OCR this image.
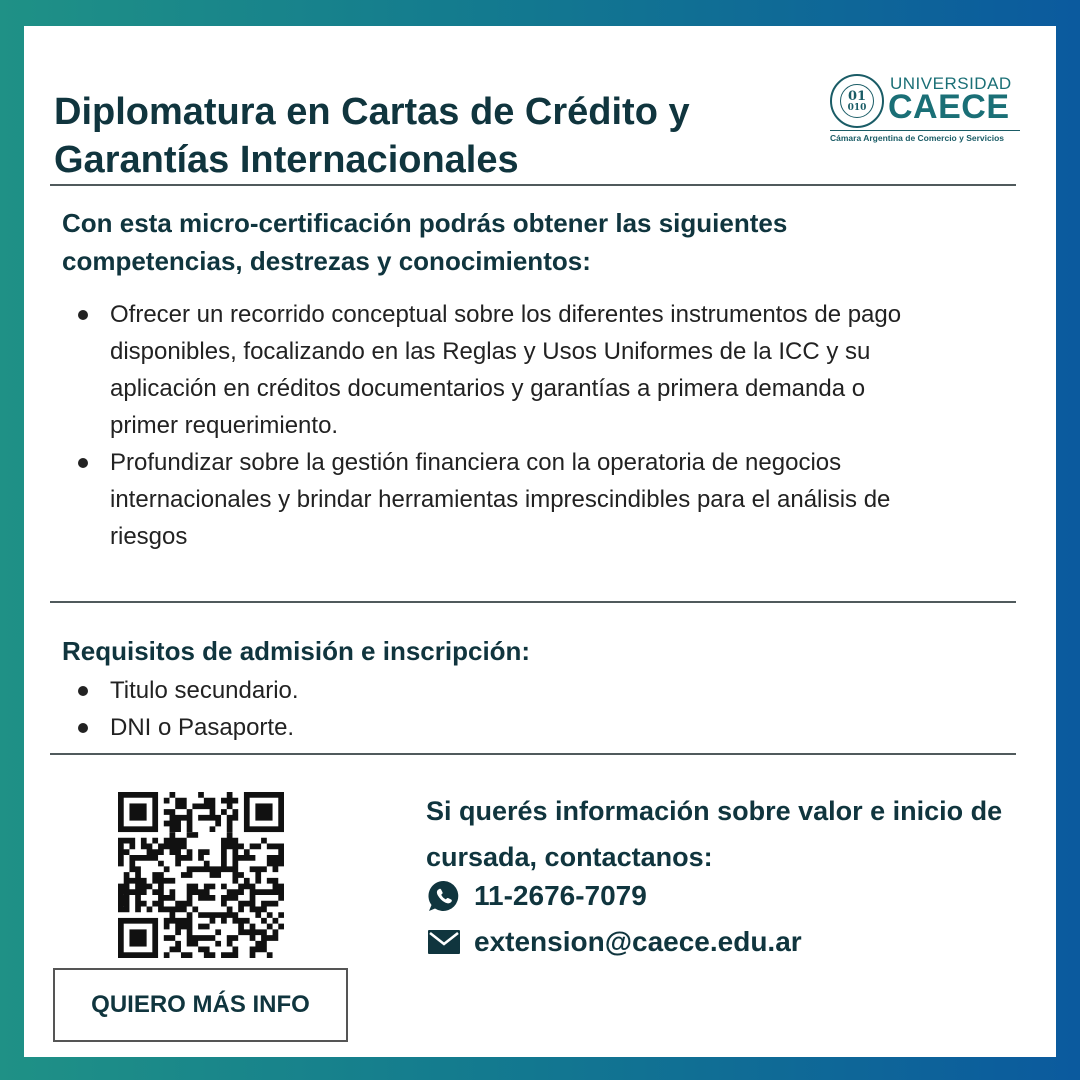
Diplomatura en Cartas de Crédito y Garantías Internacionales
01
010
UNIVERSIDAD
CAECE
Cámara Argentina de Comercio y Servicios
Con esta micro-certificación podrás obtener las siguientes competencias, destrezas y conocimientos:
Ofrecer un recorrido conceptual sobre los diferentes instrumentos de pago disponibles, focalizando en las Reglas y Usos Uniformes de la ICC y su aplicación en créditos documentarios y garantías a primera demanda o primer requerimiento.
Profundizar sobre la gestión financiera con la operatoria de negocios internacionales y brindar herramientas imprescindibles para el análisis de riesgos
Requisitos de admisión e inscripción:
Titulo secundario.
DNI o Pasaporte.
QUIERO MÁS INFO

Si querés información sobre valor e inicio de cursada, contactanos:

11-2676-7079
extension@caece.edu.ar
